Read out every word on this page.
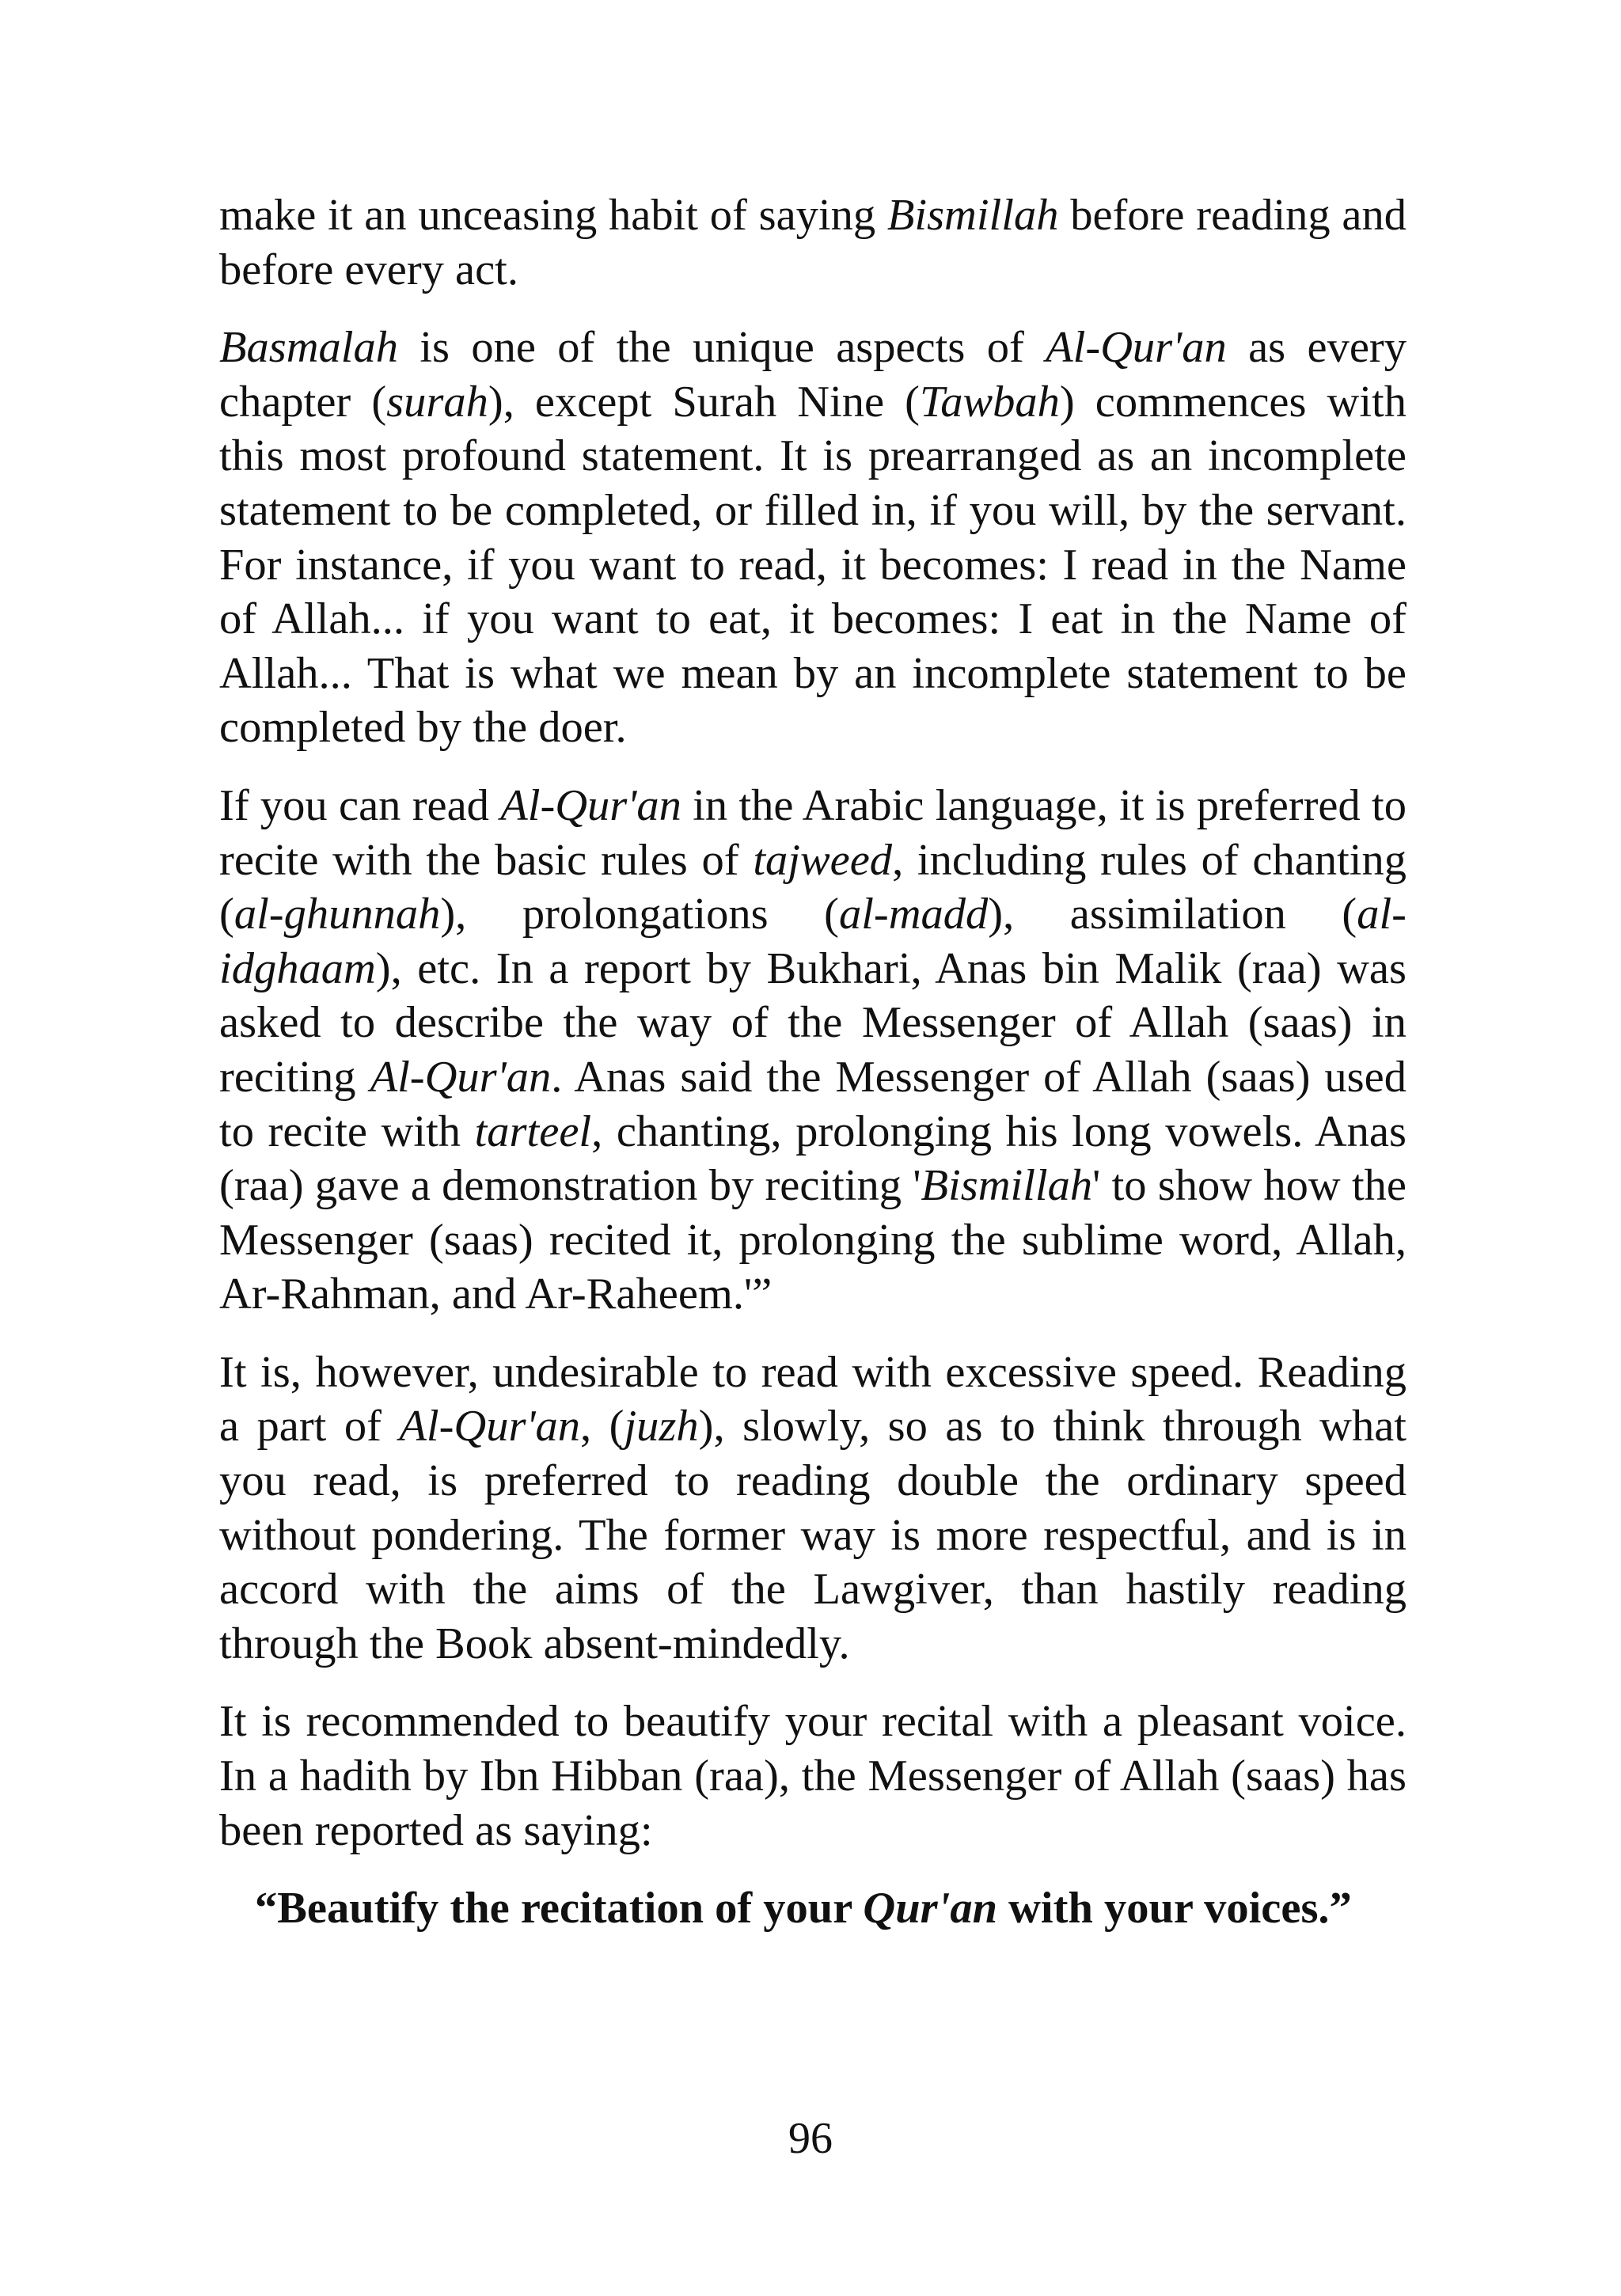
make it an unceasing habit of saying Bismillah before reading and before every act.

Basmalah is one of the unique aspects of Al-Qur'an as every chapter (surah), except Surah Nine (Tawbah) commences with this most profound statement. It is prearranged as an incomplete statement to be completed, or filled in, if you will, by the servant. For instance, if you want to read, it becomes: I read in the Name of Allah... if you want to eat, it becomes: I eat in the Name of Allah... That is what we mean by an incomplete statement to be completed by the doer.

If you can read Al-Qur'an in the Arabic language, it is preferred to recite with the basic rules of tajweed, including rules of chanting (al-ghunnah), prolongations (al-madd), assimilation (al-idghaam), etc. In a report by Bukhari, Anas bin Malik (raa) was asked to describe the way of the Messenger of Allah (saas) in reciting Al-Qur'an. Anas said the Messenger of Allah (saas) used to recite with tarteel, chanting, prolonging his long vowels. Anas (raa) gave a demonstration by reciting 'Bismillah' to show how the Messenger (saas) recited it, prolonging the sublime word, Allah, Ar-Rahman, and Ar-Raheem.'”

It is, however, undesirable to read with excessive speed. Reading a part of Al-Qur'an, (juzh), slowly, so as to think through what you read, is preferred to reading double the ordinary speed without pondering. The former way is more respectful, and is in accord with the aims of the Lawgiver, than hastily reading through the Book absent-mindedly.

It is recommended to beautify your recital with a pleasant voice. In a hadith by Ibn Hibban (raa), the Messenger of Allah (saas) has been reported as saying:

“Beautify the recitation of your Qur'an with your voices.”
96
